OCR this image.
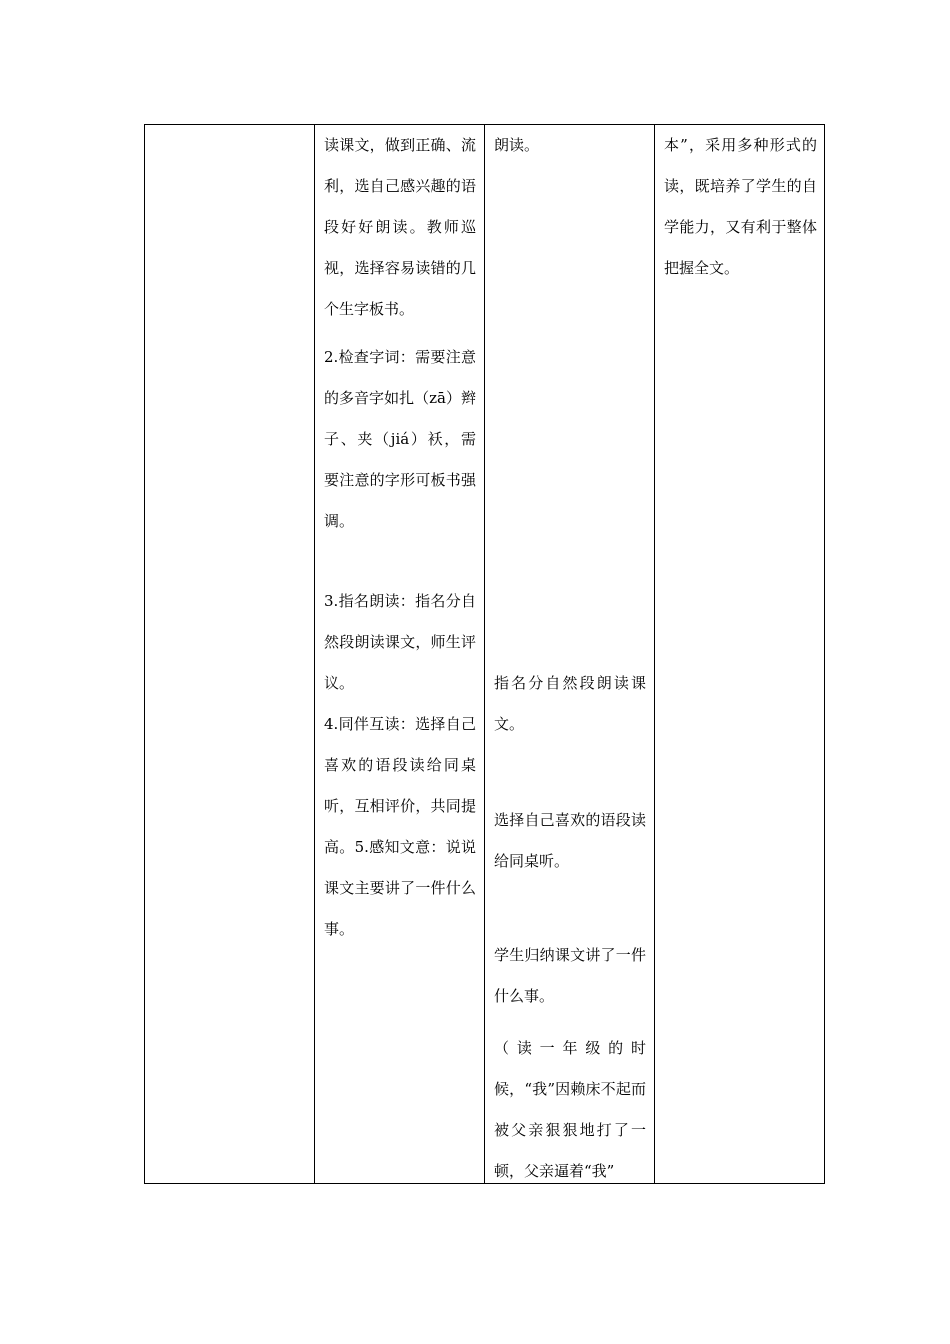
读课文，做到正确、流利，选自己感兴趣的语段好好朗读。教师巡视，选择容易读错的几个生字板书。

2.检查字词：需要注意的多音字如扎（zā）辫子、夹（jiá）袄，需要注意的字形可板书强调。

3.指名朗读：指名分自然段朗读课文，师生评议。

4.同伴互读：选择自己喜欢的语段读给同桌听，互相评价，共同提高。5.感知文意：说说课文主要讲了一件什么事。

朗读。

指名分自然段朗读课文。

选择自己喜欢的语段读给同桌听。

学生归纳课文讲了一件什么事。

（读一年级的时候，“我”因赖床不起而被父亲狠狠地打了一顿，父亲逼着“我”

本”，采用多种形式的读，既培养了学生的自学能力，又有利于整体把握全文。
